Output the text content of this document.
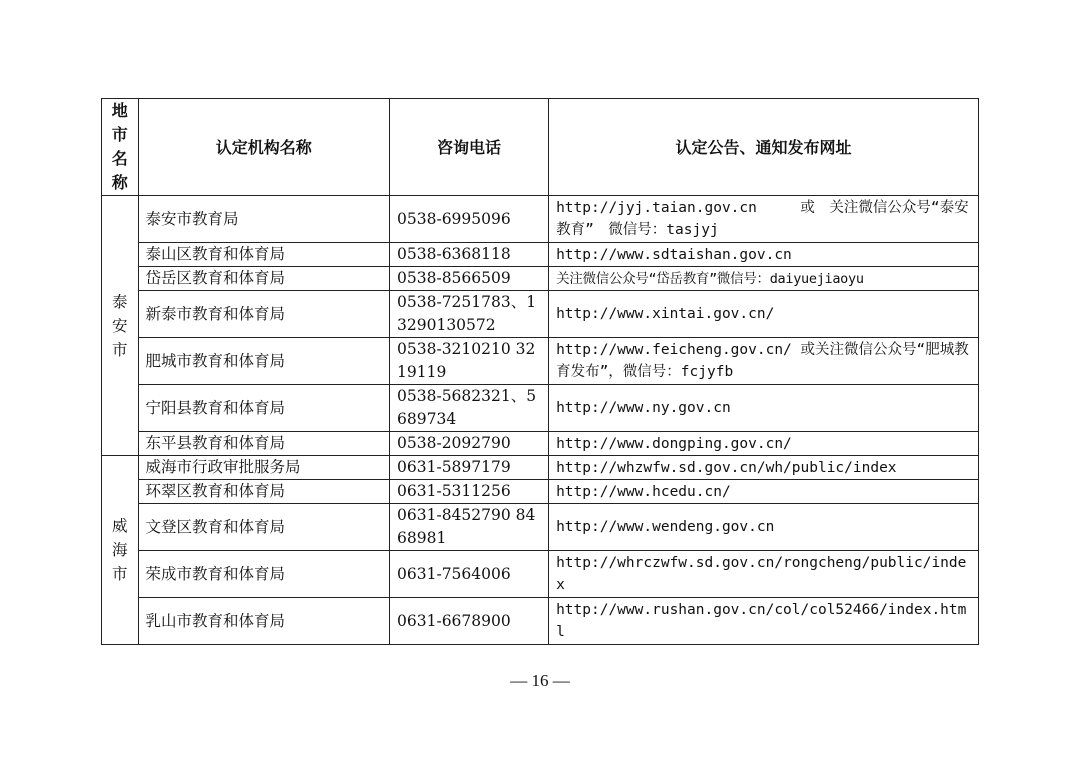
地市名称	认定机构名称	咨询电话	认定公告、通知发布网址
泰安市	泰安市教育局	0538-6995096	http://jyj.taian.gov.cn　　　或　关注微信公众号“泰安教育”　微信号：tasjyj
	泰山区教育和体育局	0538-6368118	http://www.sdtaishan.gov.cn
	岱岳区教育和体育局	0538-8566509	关注微信公众号“岱岳教育”微信号：daiyuejiaoyu
	新泰市教育和体育局	0538-7251783、13290130572	http://www.xintai.gov.cn/
	肥城市教育和体育局	0538-3210210 3219119	http://www.feicheng.gov.cn/ 或关注微信公众号“肥城教育发布”，微信号：fcjyfb
	宁阳县教育和体育局	0538-5682321、5689734	http://www.ny.gov.cn
	东平县教育和体育局	0538-2092790	http://www.dongping.gov.cn/
威海市	威海市行政审批服务局	0631-5897179	http://whzwfw.sd.gov.cn/wh/public/index
	环翠区教育和体育局	0631-5311256	http://www.hcedu.cn/
	文登区教育和体育局	0631-8452790 8468981	http://www.wendeng.gov.cn
	荣成市教育和体育局	0631-7564006	http://whrczwfw.sd.gov.cn/rongcheng/public/index
	乳山市教育和体育局	0631-6678900	http://www.rushan.gov.cn/col/col52466/index.html
— 16 —
